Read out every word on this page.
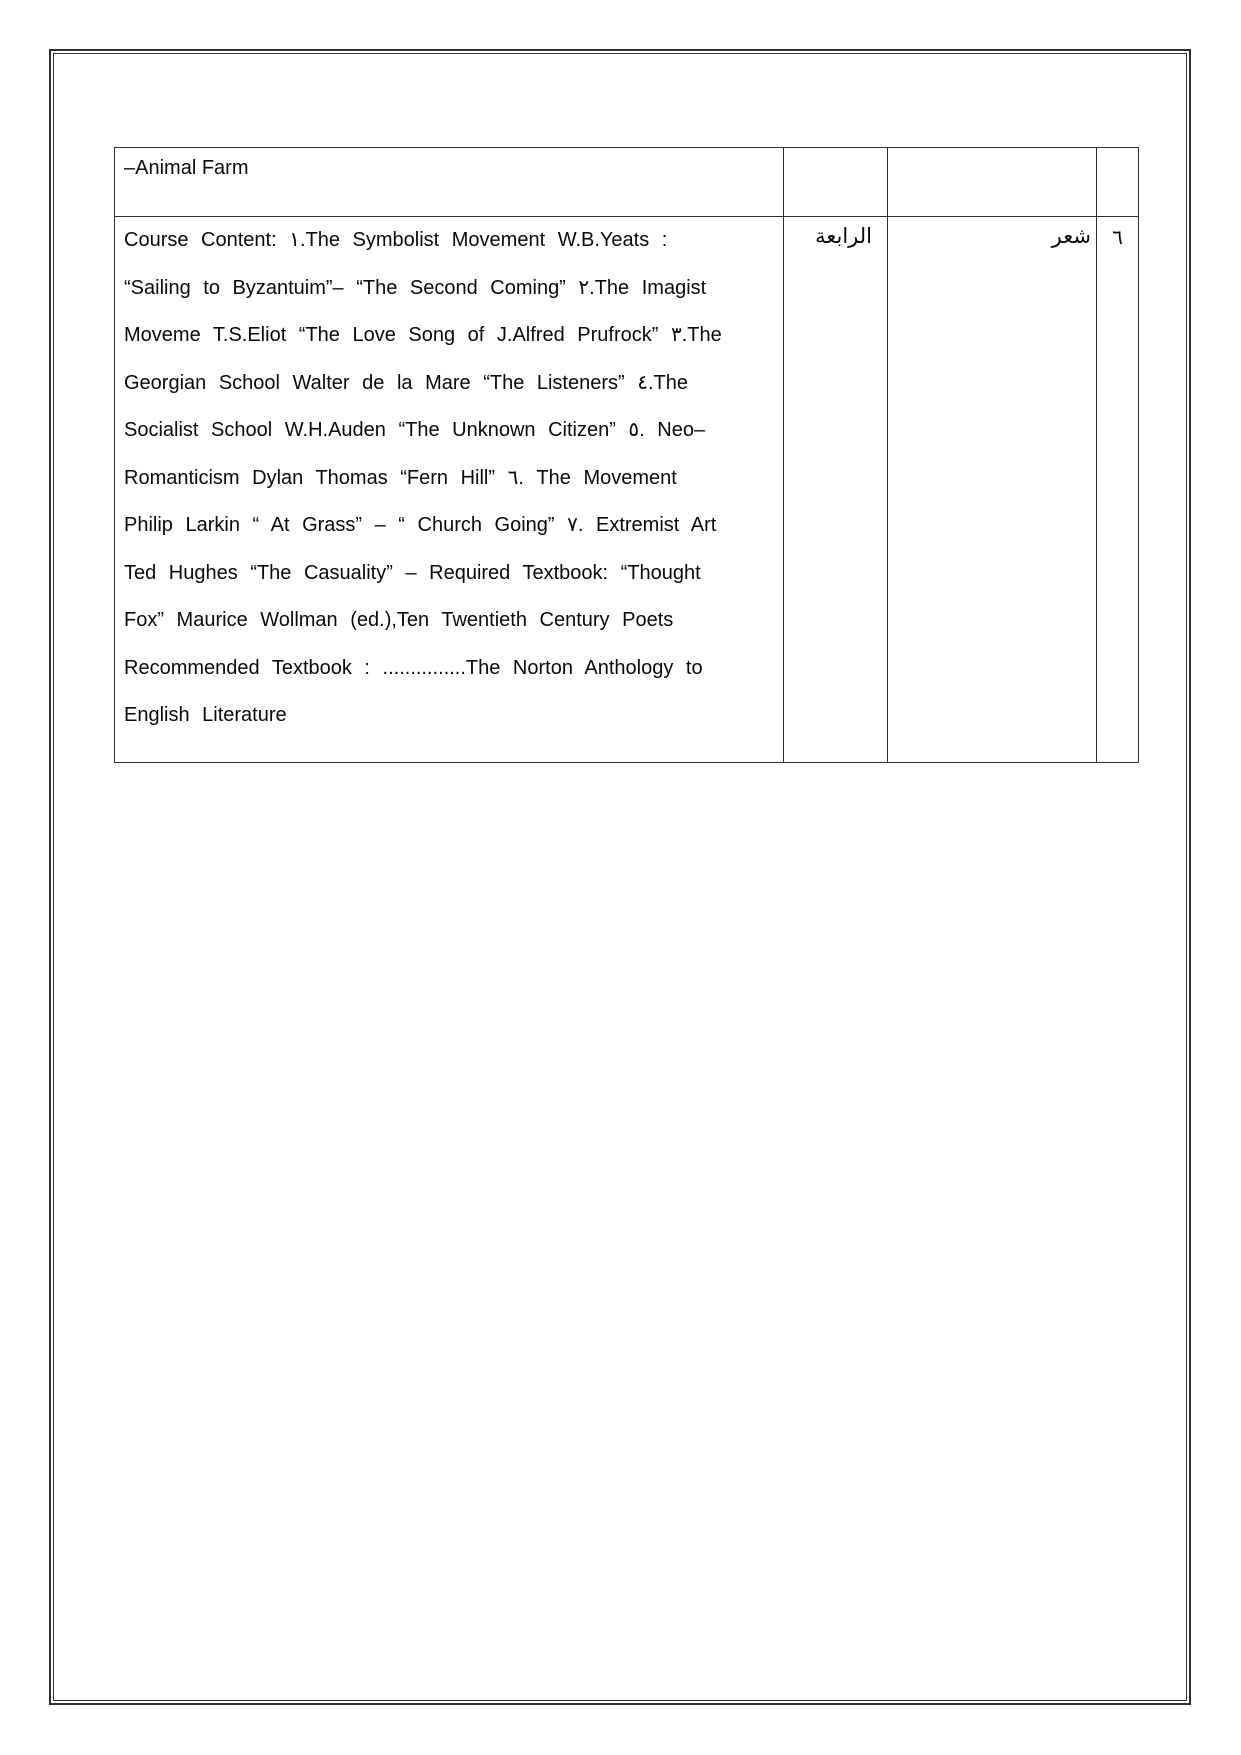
–Animal Farm			

Course Content: ١.The Symbolist Movement W.B.Yeats :
“Sailing to Byzantuim”– “The Second Coming” ٢.The Imagist
Moveme T.S.Eliot “The Love Song of J.Alfred Prufrock” ٣.The
Georgian School Walter de la Mare “The Listeners” ٤.The
Socialist School W.H.Auden “The Unknown Citizen” ٥. Neo–
Romanticism Dylan Thomas “Fern Hill” ٦. The Movement
Philip Larkin “ At Grass” – “ Church Going” ٧. Extremist Art
Ted Hughes “The Casuality” – Required Textbook: “Thought
Fox” Maurice Wollman (ed.),Ten Twentieth Century Poets
Recommended Textbook : ...............The Norton Anthology to
English Literature
	الرابعة	شعر	٦
